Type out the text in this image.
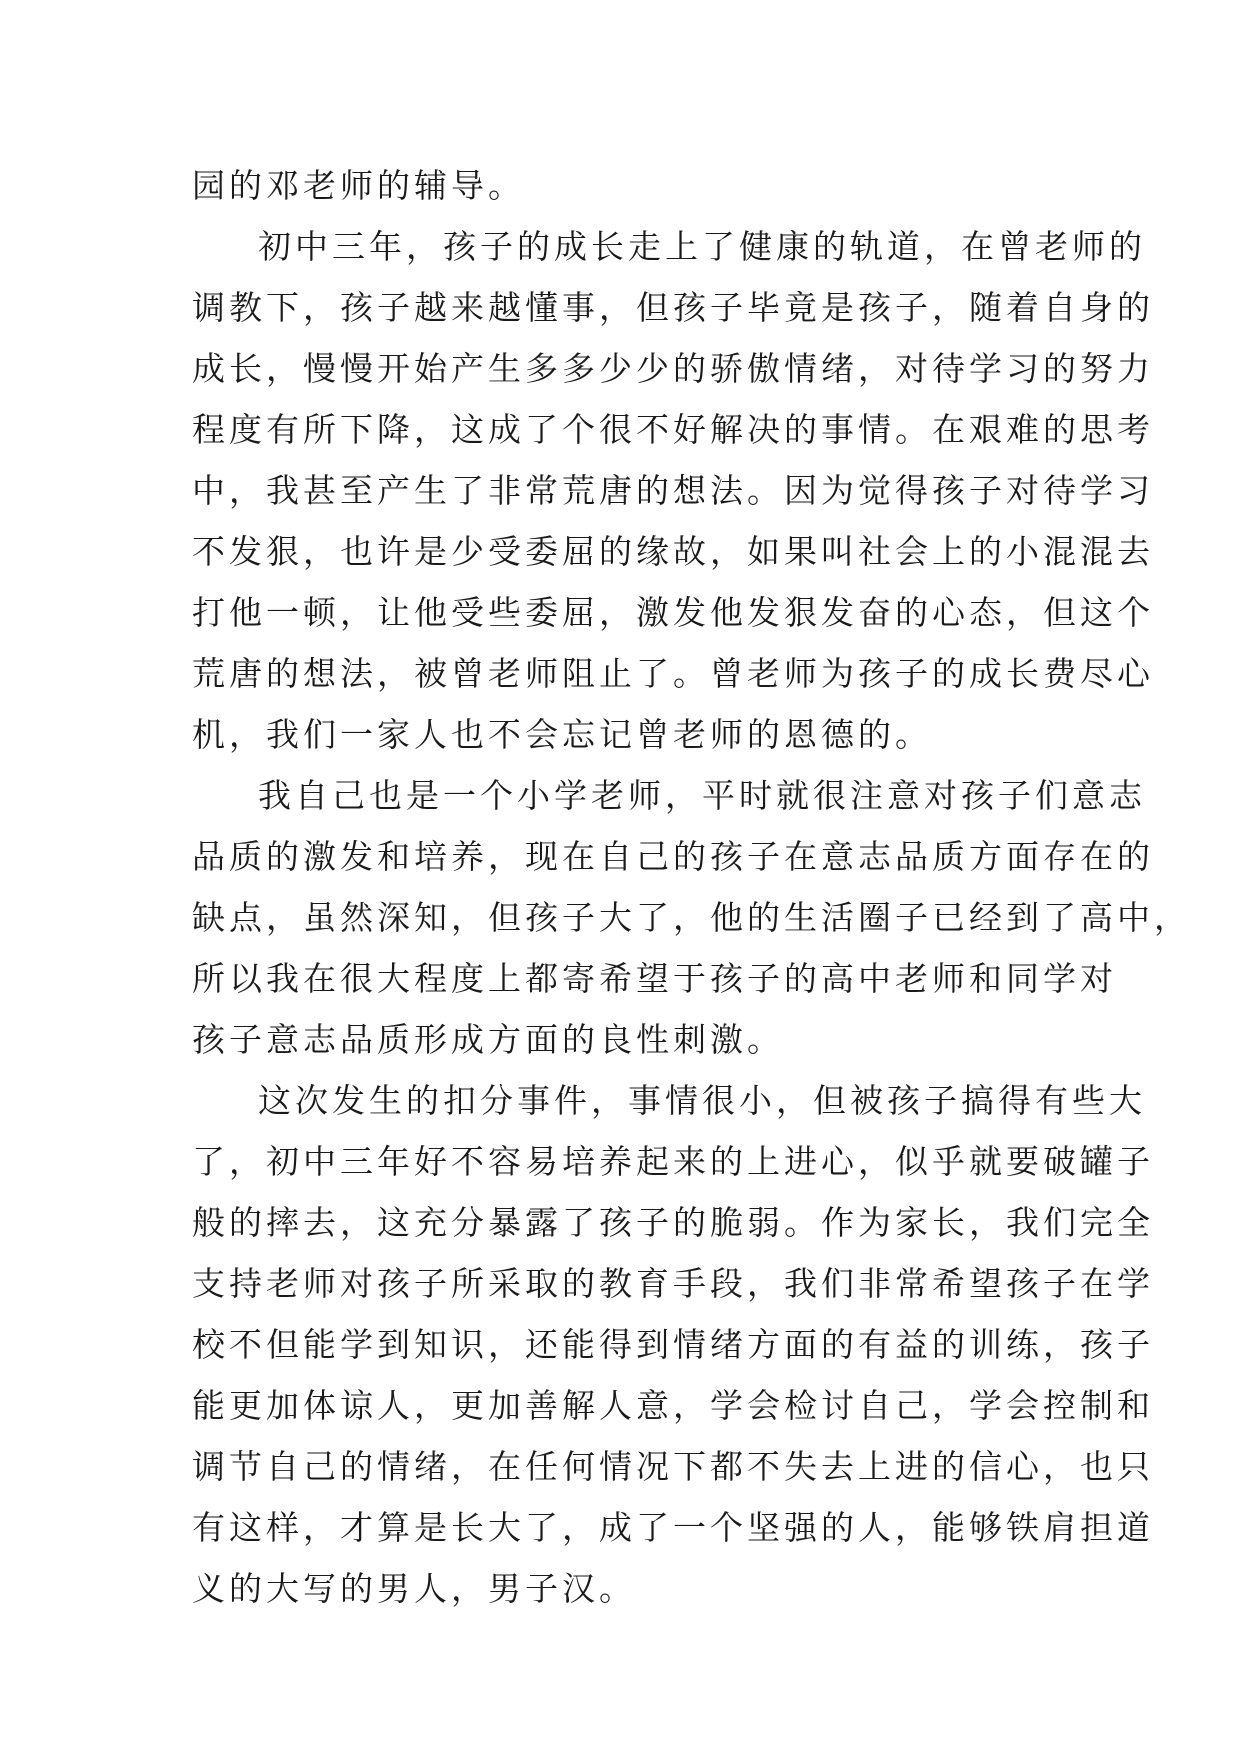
园的邓老师的辅导。
初中三年，孩子的成长走上了健康的轨道，在曾老师的
调教下，孩子越来越懂事，但孩子毕竟是孩子，随着自身的
成长，慢慢开始产生多多少少的骄傲情绪，对待学习的努力
程度有所下降，这成了个很不好解决的事情。在艰难的思考
中，我甚至产生了非常荒唐的想法。因为觉得孩子对待学习
不发狠，也许是少受委屈的缘故，如果叫社会上的小混混去
打他一顿，让他受些委屈，激发他发狠发奋的心态，但这个
荒唐的想法，被曾老师阻止了。曾老师为孩子的成长费尽心
机，我们一家人也不会忘记曾老师的恩德的。
我自己也是一个小学老师，平时就很注意对孩子们意志
品质的激发和培养，现在自己的孩子在意志品质方面存在的
缺点，虽然深知，但孩子大了，他的生活圈子已经到了高中，
所以我在很大程度上都寄希望于孩子的高中老师和同学对
孩子意志品质形成方面的良性刺激。
这次发生的扣分事件，事情很小，但被孩子搞得有些大
了，初中三年好不容易培养起来的上进心，似乎就要破罐子
般的摔去，这充分暴露了孩子的脆弱。作为家长，我们完全
支持老师对孩子所采取的教育手段，我们非常希望孩子在学
校不但能学到知识，还能得到情绪方面的有益的训练，孩子
能更加体谅人，更加善解人意，学会检讨自己，学会控制和
调节自己的情绪，在任何情况下都不失去上进的信心，也只
有这样，才算是长大了，成了一个坚强的人，能够铁肩担道
义的大写的男人，男子汉。
